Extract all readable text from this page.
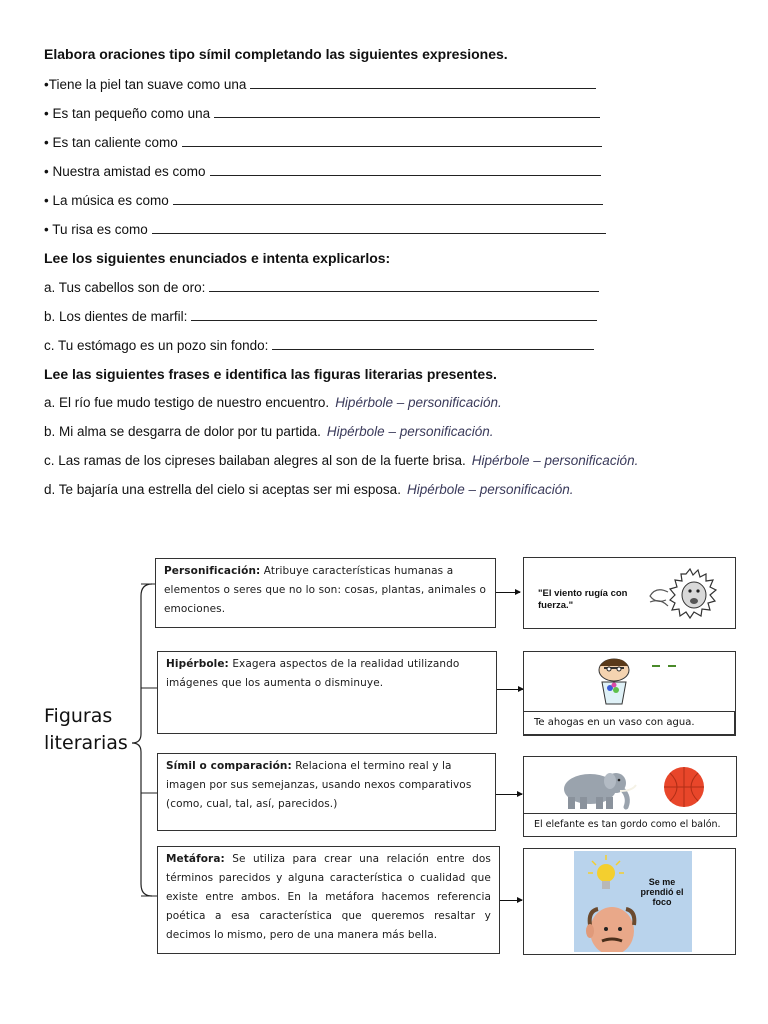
Elabora oraciones tipo símil completando las siguientes expresiones.
•Tiene la piel tan suave como una
• Es tan pequeño como una
• Es tan caliente como
• Nuestra amistad es como
• La música es como
• Tu risa es como
Lee los siguientes enunciados e intenta explicarlos:
a. Tus cabellos son de oro:
b. Los dientes de marfil:
c. Tu estómago es un pozo sin fondo:
Lee las siguientes frases e identifica las figuras literarias presentes.
a. El río fue mudo testigo de nuestro encuentro. Hipérbole – personificación.
b. Mi alma se desgarra de dolor por tu partida. Hipérbole – personificación.
c. Las ramas de los cipreses bailaban alegres al son de la fuerte brisa. Hipérbole – personificación.
d. Te bajaría una estrella del cielo si aceptas ser mi esposa. Hipérbole – personificación.
Figuras
literarias
Personificación: Atribuye características humanas a elementos o seres que no lo son: cosas, plantas, animales o emociones.
Hipérbole: Exagera aspectos de la realidad utilizando imágenes que los aumenta o disminuye.
Símil o comparación: Relaciona el termino real y la imagen por sus semejanzas, usando nexos comparativos (como, cual, tal, así, parecidos.)
Metáfora: Se utiliza para crear una relación entre dos términos parecidos y alguna característica o cualidad que existe entre ambos. En la metáfora hacemos referencia poética a esa característica que queremos resaltar y decimos lo mismo, pero de una manera más bella.
"El viento rugía con fuerza."
Te ahogas en un vaso con agua.
El elefante es tan gordo como el balón.
Se me prendió el foco
